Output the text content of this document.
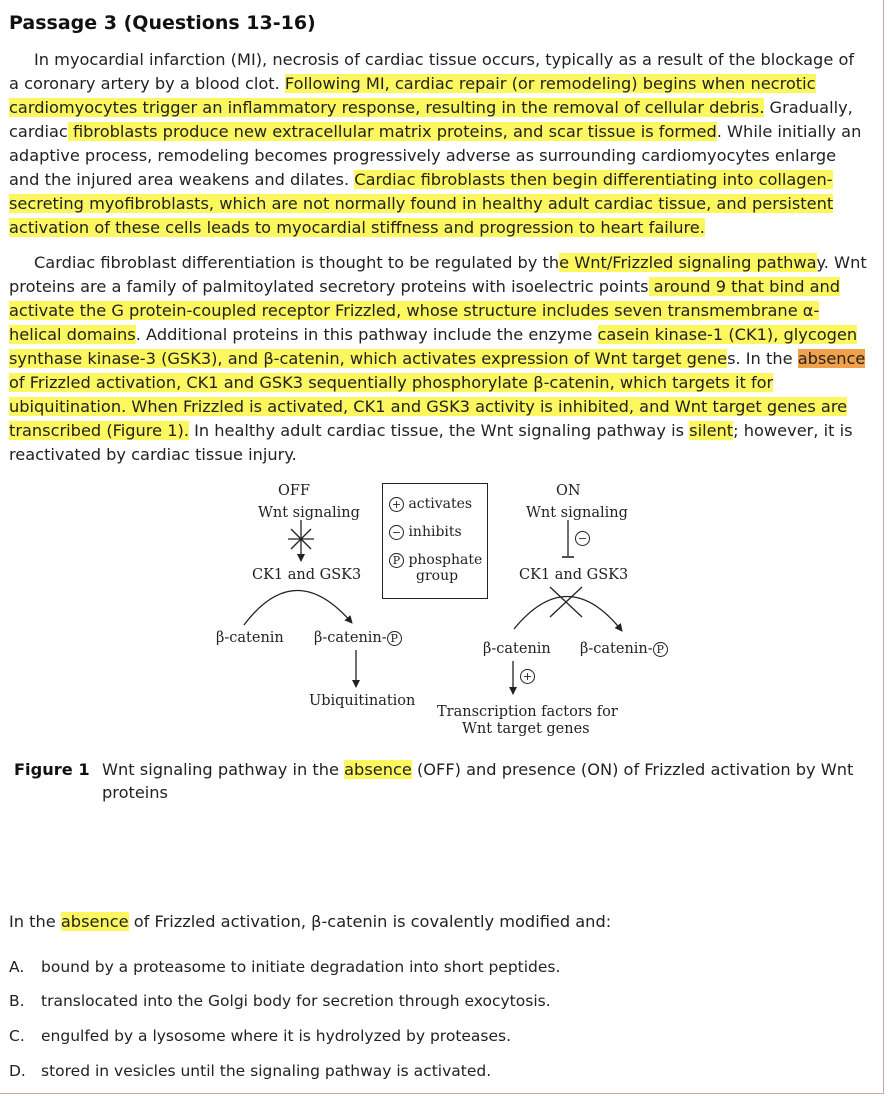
Passage 3 (Questions 13-16)

In myocardial infarction (MI), necrosis of cardiac tissue occurs, typically as a result of the blockage of a coronary artery by a blood clot. Following MI, cardiac repair (or remodeling) begins when necrotic cardiomyocytes trigger an inflammatory response, resulting in the removal of cellular debris. Gradually, cardiac fibroblasts produce new extracellular matrix proteins, and scar tissue is formed. While initially an adaptive process, remodeling becomes progressively adverse as surrounding cardiomyocytes enlarge and the injured area weakens and dilates. Cardiac fibroblasts then begin differentiating into collagen-secreting myofibroblasts, which are not normally found in healthy adult cardiac tissue, and persistent activation of these cells leads to myocardial stiffness and progression to heart failure.

Cardiac fibroblast differentiation is thought to be regulated by the Wnt/Frizzled signaling pathway. Wnt proteins are a family of palmitoylated secretory proteins with isoelectric points around 9 that bind and activate the G protein-coupled receptor Frizzled, whose structure includes seven transmembrane α-helical domains. Additional proteins in this pathway include the enzyme casein kinase-1 (CK1), glycogen synthase kinase-3 (GSK3), and β-catenin, which activates expression of Wnt target genes. In the absence of Frizzled activation, CK1 and GSK3 sequentially phosphorylate β-catenin, which targets it for ubiquitination. When Frizzled is activated, CK1 and GSK3 activity is inhibited, and Wnt target genes are transcribed (Figure 1). In healthy adult cardiac tissue, the Wnt signaling pathway is silent; however, it is reactivated by cardiac tissue injury.

OFF
Wnt signaling
CK1 and GSK3
β-catenin β-catenin- P
Ubiquitination
+ activates
− inhibits
P phosphate
group
ON
Wnt signaling
−
CK1 and GSK3
β-catenin β-catenin- P
+
Transcription factors for
Wnt target genes
Figure 1 Wnt signaling pathway in the absence (OFF) and presence (ON) of Frizzled activation by Wnt proteins
In the absence of Frizzled activation, β-catenin is covalently modified and:
A.	bound by a proteasome to initiate degradation into short peptides.
B.	translocated into the Golgi body for secretion through exocytosis.
C.	engulfed by a lysosome where it is hydrolyzed by proteases.
D. stored in vesicles until the signaling pathway is activated.
